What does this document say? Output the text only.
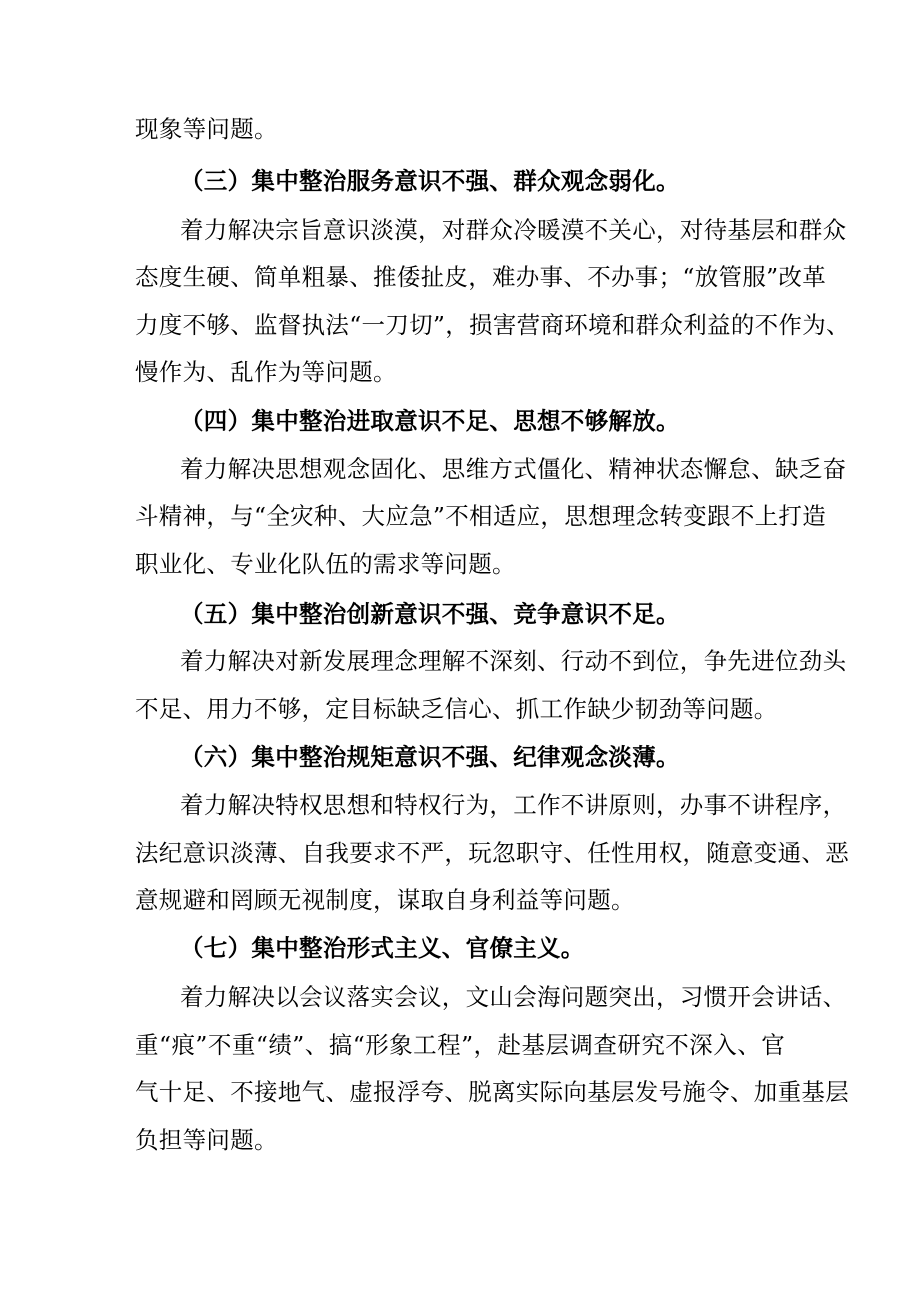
现象等问题。
（三）集中整治服务意识不强、群众观念弱化。
着力解决宗旨意识淡漠，对群众冷暖漠不关心，对待基层和群众
态度生硬、简单粗暴、推倭扯皮，难办事、不办事；“放管服”改革
力度不够、监督执法“一刀切”，损害营商环境和群众利益的不作为、
慢作为、乱作为等问题。
（四）集中整治进取意识不足、思想不够解放。
着力解决思想观念固化、思维方式僵化、精神状态懈怠、缺乏奋
斗精神，与“全灾种、大应急”不相适应，思想理念转变跟不上打造
职业化、专业化队伍的需求等问题。
（五）集中整治创新意识不强、竞争意识不足。
着力解决对新发展理念理解不深刻、行动不到位，争先进位劲头
不足、用力不够，定目标缺乏信心、抓工作缺少韧劲等问题。
（六）集中整治规矩意识不强、纪律观念淡薄。
着力解决特权思想和特权行为，工作不讲原则，办事不讲程序，
法纪意识淡薄、自我要求不严，玩忽职守、任性用权，随意变通、恶
意规避和罔顾无视制度，谋取自身利益等问题。
（七）集中整治形式主义、官僚主义。
着力解决以会议落实会议，文山会海问题突出，习惯开会讲话、
重“痕”不重“绩”、搞“形象工程”，赴基层调查研究不深入、官
气十足、不接地气、虚报浮夸、脱离实际向基层发号施令、加重基层
负担等问题。
